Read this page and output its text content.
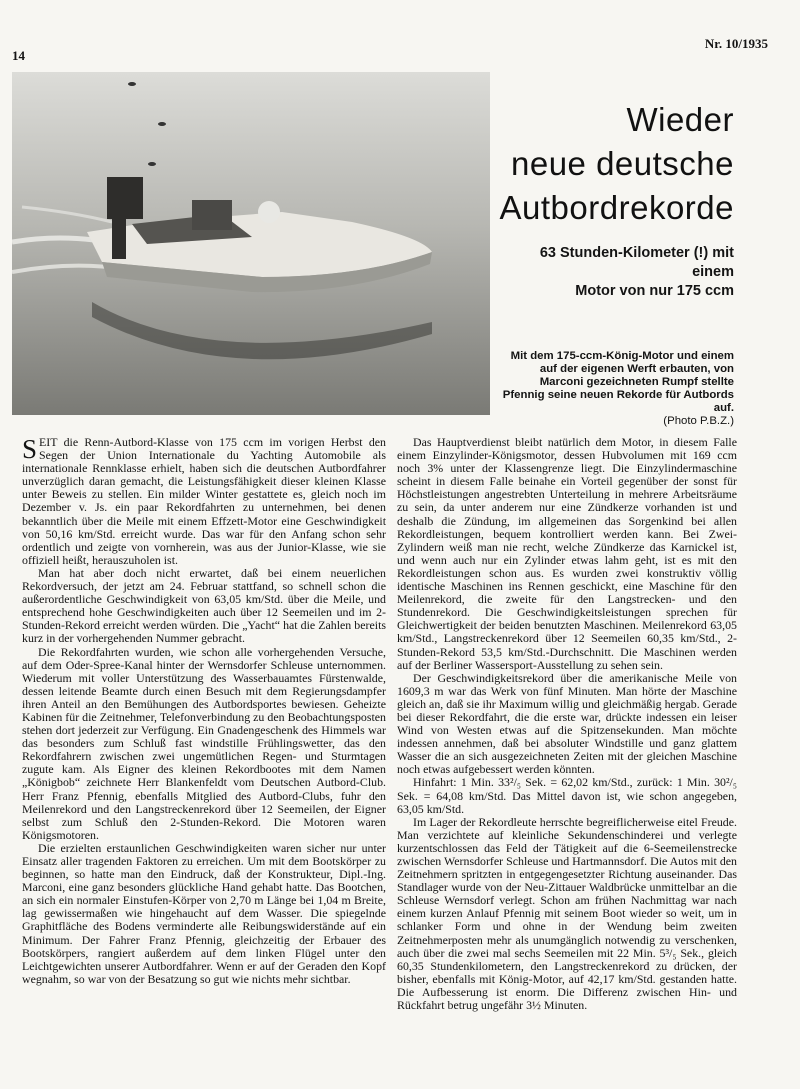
14
Nr. 10/1935
Wieder
neue deutsche
Autbordrekorde
63 Stunden-Kilometer (!) mit einem
Motor von nur 175 ccm
Mit dem 175-ccm-König-Motor und einem auf der eigenen Werft erbauten, von Marconi gezeichneten Rumpf stellte Pfennig seine neuen Rekorde für Autbords auf.
(Photo P.B.Z.)

SEIT die Renn-Autbord-Klasse von 175 ccm im vorigen Herbst den Segen der Union Internationale du Yachting Automobile als internationale Rennklasse erhielt, haben sich die deutschen Autbordfahrer unverzüglich daran gemacht, die Leistungsfähigkeit dieser kleinen Klasse unter Beweis zu stellen. Ein milder Winter gestattete es, gleich noch im Dezember v. Js. ein paar Rekordfahrten zu unternehmen, bei denen bekanntlich über die Meile mit einem Effzett-Motor eine Geschwindigkeit von 50,16 km/Std. erreicht wurde. Das war für den Anfang schon sehr ordentlich und zeigte von vornherein, was aus der Junior-Klasse, wie sie offiziell heißt, herauszuholen ist.

Man hat aber doch nicht erwartet, daß bei einem neuerlichen Rekordversuch, der jetzt am 24. Februar stattfand, so schnell schon die außerordentliche Geschwindigkeit von 63,05 km/Std. über die Meile, und entsprechend hohe Geschwindigkeiten auch über 12 Seemeilen und im 2-Stunden-Rekord erreicht werden würden. Die „Yacht“ hat die Zahlen bereits kurz in der vorhergehenden Nummer gebracht.

Die Rekordfahrten wurden, wie schon alle vorhergehenden Versuche, auf dem Oder-Spree-Kanal hinter der Wernsdorfer Schleuse unternommen. Wiederum mit voller Unterstützung des Wasserbauamtes Fürstenwalde, dessen leitende Beamte durch einen Besuch mit dem Regierungsdampfer ihren Anteil an den Bemühungen des Autbordsportes bewiesen. Geheizte Kabinen für die Zeitnehmer, Telefonverbindung zu den Beobachtungsposten stehen dort jederzeit zur Verfügung. Ein Gnadengeschenk des Himmels war das besonders zum Schluß fast windstille Frühlingswetter, das den Rekordfahrern zwischen zwei ungemütlichen Regen- und Sturmtagen zugute kam. Als Eigner des kleinen Rekordbootes mit dem Namen „Königbob“ zeichnete Herr Blankenfeldt vom Deutschen Autbord-Club. Herr Franz Pfennig, ebenfalls Mitglied des Autbord-Clubs, fuhr den Meilenrekord und den Langstreckenrekord über 12 Seemeilen, der Eigner selbst zum Schluß den 2-Stunden-Rekord. Die Motoren waren Königsmotoren.

Die erzielten erstaunlichen Geschwindigkeiten waren sicher nur unter Einsatz aller tragenden Faktoren zu erreichen. Um mit dem Bootskörper zu beginnen, so hatte man den Eindruck, daß der Konstrukteur, Dipl.-Ing. Marconi, eine ganz besonders glückliche Hand gehabt hatte. Das Bootchen, an sich ein normaler Einstufen-Körper von 2,70 m Länge bei 1,04 m Breite, lag gewissermaßen wie hingehaucht auf dem Wasser. Die spiegelnde Graphitfläche des Bodens verminderte alle Reibungswiderstände auf ein Minimum. Der Fahrer Franz Pfennig, gleichzeitig der Erbauer des Bootskörpers, rangiert außerdem auf dem linken Flügel unter den Leichtgewichten unserer Autbordfahrer. Wenn er auf der Geraden den Kopf wegnahm, so war von der Besatzung so gut wie nichts mehr sichtbar.

Das Hauptverdienst bleibt natürlich dem Motor, in diesem Falle einem Einzylinder-Königsmotor, dessen Hubvolumen mit 169 ccm noch 3% unter der Klassengrenze liegt. Die Einzylindermaschine scheint in diesem Falle beinahe ein Vorteil gegenüber der sonst für Höchstleistungen angestrebten Unterteilung in mehrere Arbeitsräume zu sein, da unter anderem nur eine Zündkerze vorhanden ist und deshalb die Zündung, im allgemeinen das Sorgenkind bei allen Rekordleistungen, bequem kontrolliert werden kann. Bei Zwei-Zylindern weiß man nie recht, welche Zündkerze das Karnickel ist, und wenn auch nur ein Zylinder etwas lahm geht, ist es mit den Rekordleistungen schon aus. Es wurden zwei konstruktiv völlig identische Maschinen ins Rennen geschickt, eine Maschine für den Meilenrekord, die zweite für den Langstrecken- und den Stundenrekord. Die Geschwindigkeitsleistungen sprechen für Gleichwertigkeit der beiden benutzten Maschinen. Meilenrekord 63,05 km/Std., Langstreckenrekord über 12 Seemeilen 60,35 km/Std., 2-Stunden-Rekord 53,5 km/Std.-Durchschnitt. Die Maschinen werden auf der Berliner Wassersport-Ausstellung zu sehen sein.

Der Geschwindigkeitsrekord über die amerikanische Meile von 1609,3 m war das Werk von fünf Minuten. Man hörte der Maschine gleich an, daß sie ihr Maximum willig und gleichmäßig hergab. Gerade bei dieser Rekordfahrt, die die erste war, drückte indessen ein leiser Wind von Westen etwas auf die Spitzensekunden. Man möchte indessen annehmen, daß bei absoluter Windstille und ganz glattem Wasser die an sich ausgezeichneten Zeiten mit der gleichen Maschine noch etwas aufgebessert werden könnten.

Hinfahrt: 1 Min. 33²/₅ Sek. = 62,02 km/Std., zurück: 1 Min. 30²/₅ Sek. = 64,08 km/Std. Das Mittel davon ist, wie schon angegeben, 63,05 km/Std.

Im Lager der Rekordleute herrschte begreiflicherweise eitel Freude. Man verzichtete auf kleinliche Sekundenschinderei und verlegte kurzentschlossen das Feld der Tätigkeit auf die 6-Seemeilenstrecke zwischen Wernsdorfer Schleuse und Hartmannsdorf. Die Autos mit den Zeitnehmern spritzten in entgegengesetzter Richtung auseinander. Das Standlager wurde von der Neu-Zittauer Waldbrücke unmittelbar an die Schleuse Wernsdorf verlegt. Schon am frühen Nachmittag war nach einem kurzen Anlauf Pfennig mit seinem Boot wieder so weit, um in schlanker Form und ohne in der Wendung beim zweiten Zeitnehmerposten mehr als unumgänglich notwendig zu verschenken, auch über die zwei mal sechs Seemeilen mit 22 Min. 5³/₅ Sek., gleich 60,35 Stundenkilometern, den Langstreckenrekord zu drücken, der bisher, ebenfalls mit König-Motor, auf 42,17 km/Std. gestanden hatte. Die Aufbesserung ist enorm. Die Differenz zwischen Hin- und Rückfahrt betrug ungefähr 3½ Minuten.
